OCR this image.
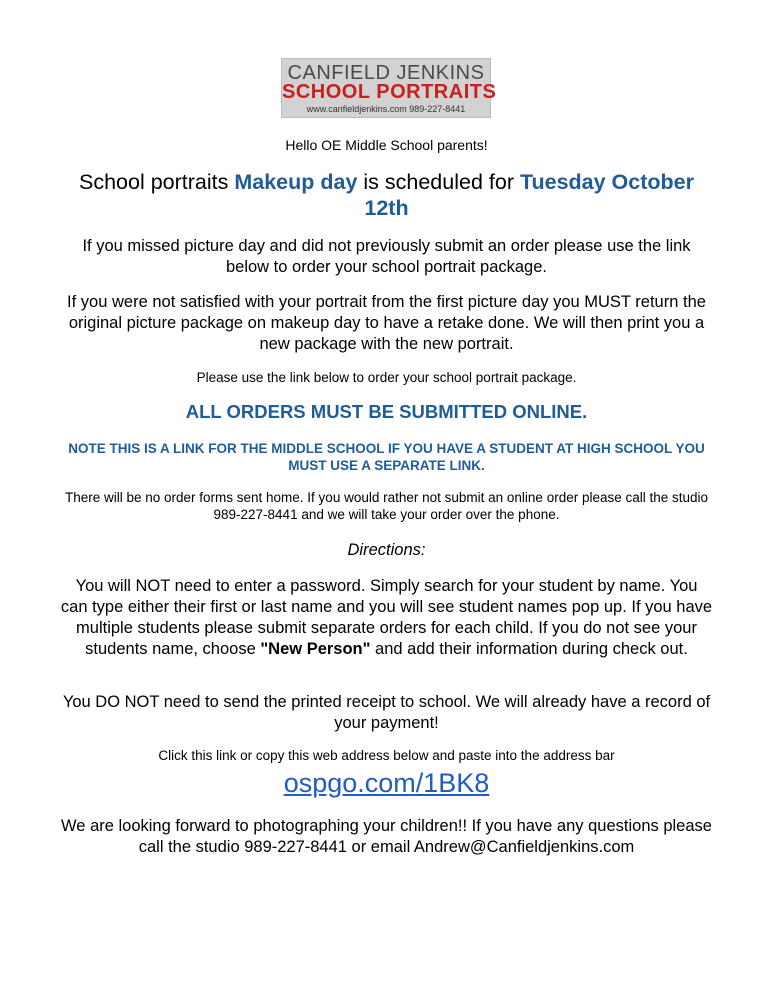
CANFIELD JENKINS
SCHOOL PORTRAITS
www.canfieldjenkins.com 989-227-8441

Hello OE Middle School parents!

School portraits Makeup day is scheduled for Tuesday October 12th

If you missed picture day and did not previously submit an order please use the link below to order your school portrait package.

If you were not satisfied with your portrait from the first picture day you MUST return the original picture package on makeup day to have a retake done. We will then print you a new package with the new portrait.

Please use the link below to order your school portrait package.

ALL ORDERS MUST BE SUBMITTED ONLINE.

NOTE THIS IS A LINK FOR THE MIDDLE SCHOOL IF YOU HAVE A STUDENT AT HIGH SCHOOL YOU MUST USE A SEPARATE LINK.

There will be no order forms sent home. If you would rather not submit an online order please call the studio 989-227-8441 and we will take your order over the phone.

Directions:

You will NOT need to enter a password. Simply search for your student by name. You can type either their first or last name and you will see student names pop up. If you have multiple students please submit separate orders for each child. If you do not see your students name, choose "New Person" and add their information during check out.

You DO NOT need to send the printed receipt to school. We will already have a record of your payment!

Click this link or copy this web address below and paste into the address bar

ospgo.com/1BK8

We are looking forward to photographing your children!! If you have any questions please call the studio 989-227-8441 or email Andrew@Canfieldjenkins.com
